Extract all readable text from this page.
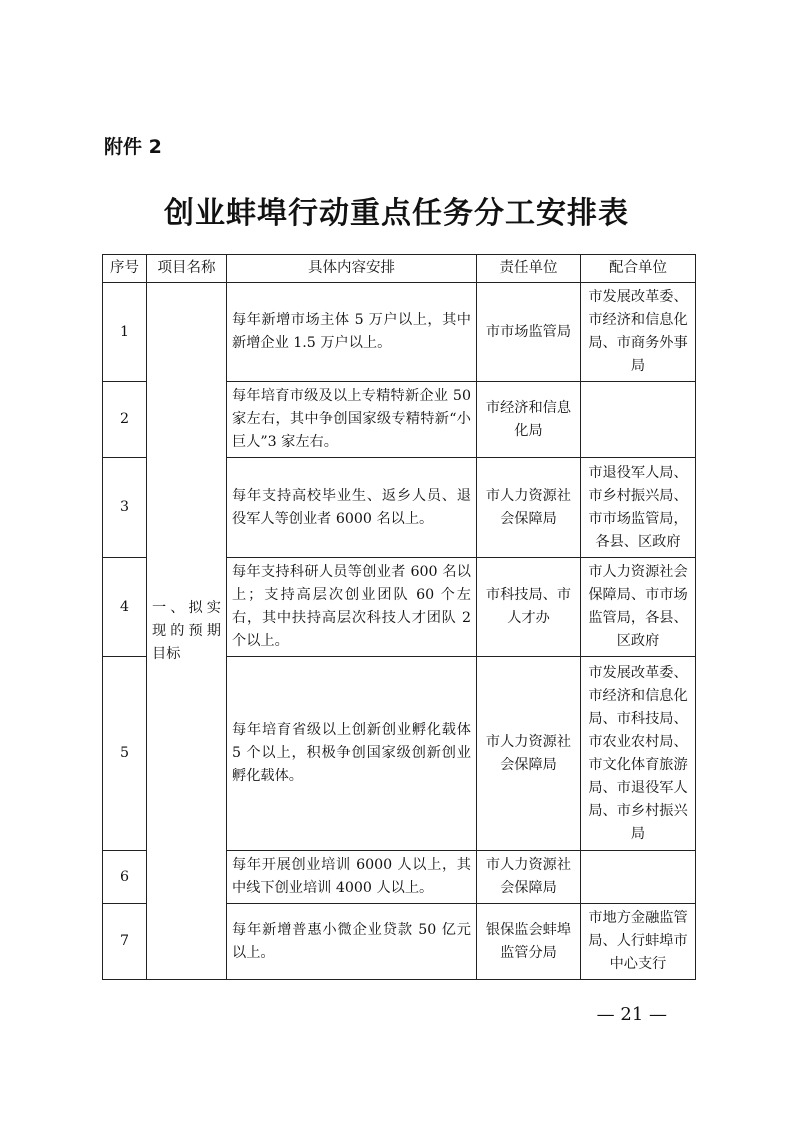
附件 2
创业蚌埠行动重点任务分工安排表
序号	项目名称	具体内容安排	责任单位	配合单位
1	一、拟实现的预期目标	每年新增市场主体 5 万户以上，其中新增企业 1.5 万户以上。	市市场监管局	市发展改革委、市经济和信息化局、市商务外事局
2		每年培育市级及以上专精特新企业 50 家左右，其中争创国家级专精特新“小巨人”3 家左右。	市经济和信息化局	
3		每年支持高校毕业生、返乡人员、退役军人等创业者 6000 名以上。	市人力资源社会保障局	市退役军人局、市乡村振兴局、市市场监管局，各县、区政府
4		每年支持科研人员等创业者 600 名以上；支持高层次创业团队 60 个左右，其中扶持高层次科技人才团队 2 个以上。	市科技局、市人才办	市人力资源社会保障局、市市场监管局，各县、区政府
5		每年培育省级以上创新创业孵化载体 5 个以上，积极争创国家级创新创业孵化载体。	市人力资源社会保障局	市发展改革委、市经济和信息化局、市科技局、市农业农村局、市文化体育旅游局、市退役军人局、市乡村振兴局
6		每年开展创业培训 6000 人以上，其中线下创业培训 4000 人以上。	市人力资源社会保障局	
7		每年新增普惠小微企业贷款 50 亿元以上。	银保监会蚌埠监管分局	市地方金融监管局、人行蚌埠市中心支行
— 21 —
